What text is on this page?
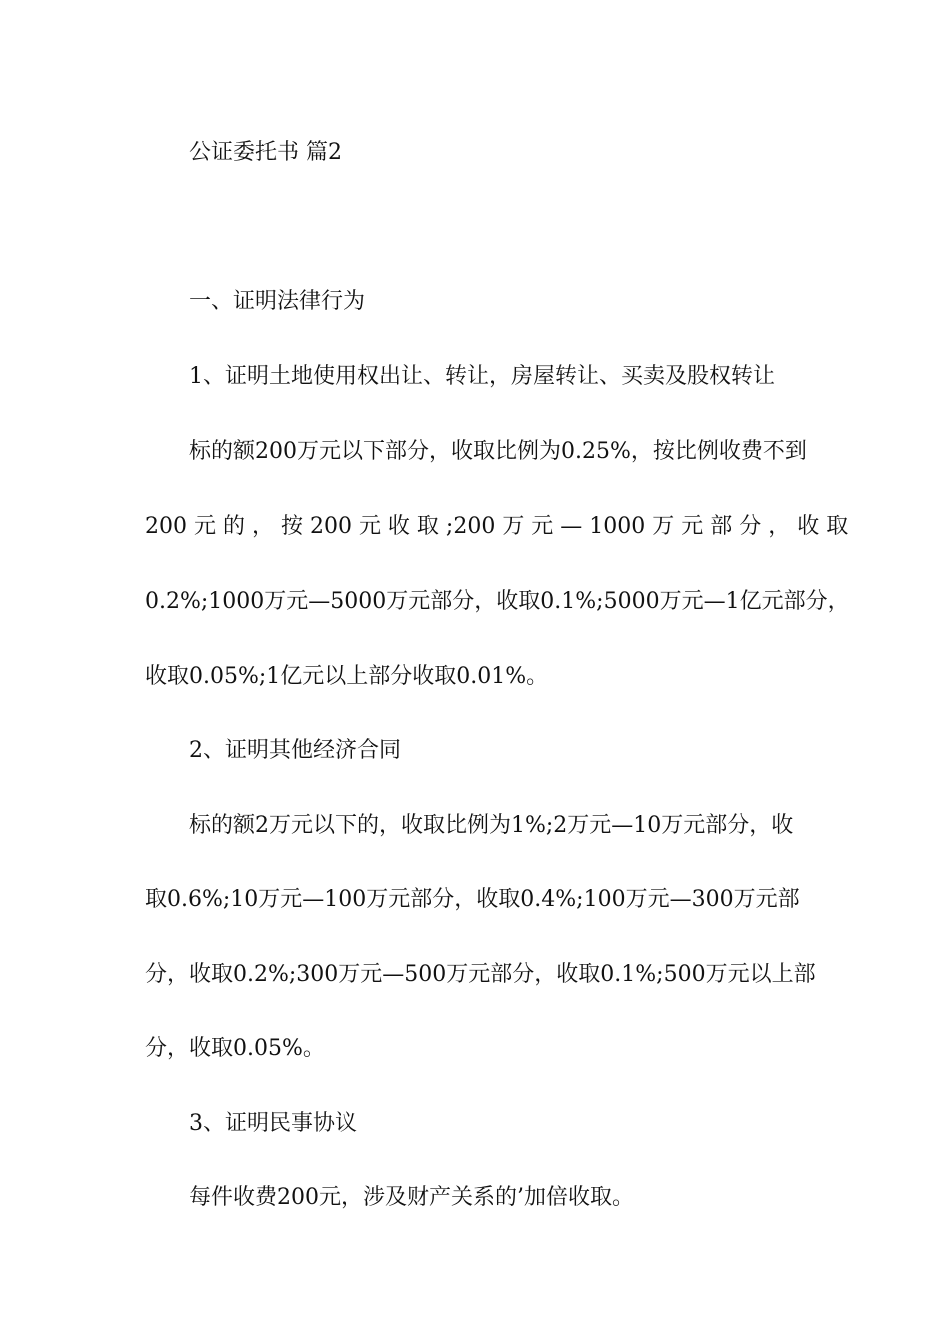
公证委托书 篇2
一、证明法律行为
1、证明土地使用权出让、转让，房屋转让、买卖及股权转让
标的额200万元以下部分，收取比例为0.25%，按比例收费不到
200 元 的 ， 按 200 元 收 取 ;200 万 元 — 1000 万 元 部 分 ， 收 取
0.2%;1000万元—5000万元部分，收取0.1%;5000万元—1亿元部分，
收取0.05%;1亿元以上部分收取0.01%。
2、证明其他经济合同
标的额2万元以下的，收取比例为1%;2万元—10万元部分，收
取0.6%;10万元—100万元部分，收取0.4%;100万元—300万元部
分，收取0.2%;300万元—500万元部分，收取0.1%;500万元以上部
分，收取0.05%。
3、证明民事协议
每件收费200元，涉及财产关系的’加倍收取。
